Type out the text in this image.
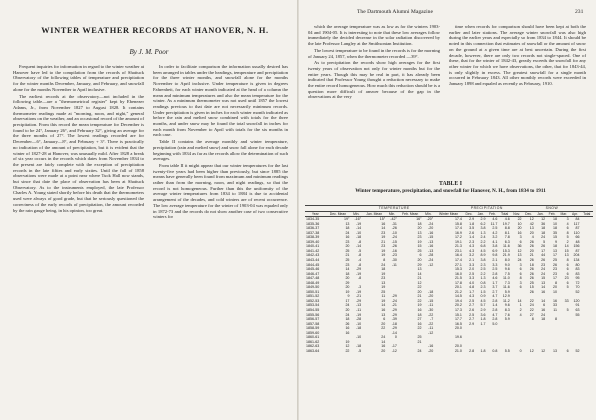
WINTER WEATHER RECORDS AT HANOVER, N. H.
By J. M. Poor

Frequent inquiries for information in regard to the winter weather at Hanover have led to the compilation from the records of Shattuck Observatory of the following tables of temperature and precipitation for the winter months December, January, and February, and snowfall alone for the months November to April inclusive.

The earliest records at the observatory—not included in the following table—are a "thermometrical register" kept by Ebenezer Adams, Jr., from November 1827 to August 1828. It contains thermometer readings made at "morning, noon, and night," general observations on the weather, and an occasional record of the amount of precipitation. From this record the mean temperature for December is found to be 24°, January 26°, and February 32°, giving an average for the three months of 27°. The lowest readings recorded are for December—6°, January—8°, and February + 3°. There is practically no indication of the amount of precipitation, but it is evident that the winter of 1827-28 at Hanover, was unusually mild. After 1828 a break of six year occurs in the records which dates from November 1834 to the present are fairly complete with the exception of precipitation records in the late fifties and early sixties. Until the fall of 1858 observations were made at a point near where Tuck Hall now stands, but since that date the place of observation has been at Shattuck Observatory. As to the instruments employed, the late Professor Charles A. Young stated shortly before his death that the thermometers used were always of good grade, but that he seriously questioned the correctness of the early records of precipitation, the amount recorded by the rain gauge being, in his opinion, too great.

In order to facilitate comparison the information usually desired has been arranged in tables under the headings, temperature and precipitation for the three winter months, and snowfall alone for the months November to April inclusive. Under temperature is given in degrees Fahrenheit, for each winter month indicated at the head of a column the mean and minimum temperatures and also the mean temperature for the winter. As a minimum thermometer was not used until 1857 the lowest readings previous to that date are not necessarily minimum records. Under precipitation is given in inches for each winter month indicated as before the rain and melted snow combined with totals for the three months, and under snow may be found the total snowfall in inches for each month from November to April with totals for the six months in each case.

Table II contains the average monthly and winter temperature, precipitation (rain and melted snow) and snow fall alone for each decade beginning with 1834 as far as the records allow the determination of such averages.

From table II it might appear that our winter temperatures for the last twenty-five years had been higher than previously, but since 1885 the means have generally been found from maximum and minimum readings rather than from the morning, noon, and night readings, so that the record is not homogeneous. Further than this the uniformity of the average winter temperatures from 1834 to 1884 is due to accidental arrangement of the decades, and cold winters are of recent occurrence. The low average temperature for the winter of 1903-04 was equaled only in 1872-73 and the records do not show another case of two consecutive winters for

The Dartmouth Alumni Magazine	231

which the average temperature was as low as for the winters 1903-04 and 1904-05. It is interesting to note that these low averages follow immediately the decided decrease in the solar radiation discovered by the late Professor Langley at the Smithsonian Institution.

The lowest temperature to be found in the records is for the morning of January 24, 1857, when the thermometer recorded —39°.

As to precipitation the records show high averages for the first twenty years of observation not only for winter months but for the entire years. Though this may be real in part, it has already been indicated that Professor Young thought a reduction necessary to make the entire record homogeneous. How much this reduction should be is a question more difficult of answer because of the gap in the observations at the very

time when records for comparison should have been kept at both the earlier and later stations. The average winter snowfall was also high during the earlier years and especially so from 1834 to 1844. It should be noted in this connection that estimates of snowfall or the amount of snow on the ground at a given time are at best uncertain. During the first decade, however, there are only two records not single-spaced. One of these, that for the winter of 1842-43, greatly exceeds the snowfall for any other winter for which we have observations, the other, that for 1843-44, is only slightly in excess. The greatest snowfall for a single month occurred in February 1843. All other monthly records were exceeded in January 1898 and equaled as recently as February, 1910.

TABLE I
Winter temperature, precipitation, and snowfall for Hanover, N. H., from 1834 to 1911
	TEMPERATURE							PRECIPITATION				SNOW						
Year	Dec. Mean	Min.	Jan. Mean	Min.	Feb. Mean	Min.	Winter Mean	Dec.	Jan.	Feb.	Total	Nov.	Dec.	Jan.	Feb.	Mar.	Apr.	Total
1834-35	19°	-16°	15°	-42°	16°	-20°	17.4	2.9	2.9	4.6	4.6	22	12	12	18	3	84	
1835-36	13	-19	16	-31	18	-24	15.8	1.8	6.2	11.7	19.7	10	42	36	10	4	117	
1836-37	18	-14	14	-26	20	-20	17.4	3.5	3.8	2.5	8.8	20	13	18	18	6	87	
1837-38	24	-10	23	-10	13	-16	16.9	2.6	1.3	4.2	8.1	16	20	18	35	8	110	
1838-39	16	-18	19	-24	23	-15	17.2	1.4	2.4	3.2	7.8	3	4	24	15	5	66	
1839-40	23	-8	21	-15	19	-13	19.1	2.3	2.2	4.1	6.3	6	26	5	9	2	48	
1840-41	20	-14	23	-26	15	-16	21.3	4.3	6.8	3.8	11.6	36	26	26	18	14	156	
1841-42	25	-5	19	-16	25	-13	23.1	4.3	4.5	6.9	15.3	12	20	17	13	15	87	
1842-43	21	-8	19	-23	6	-28	16.4	3.2	8.9	9.8	21.9	13	21	44	17	13	204	
1843-44	25	-4	8	-30	20	-24	17.4	2.1	3.8	2.1	8.0	24	26	26	25	8	134	
1844-45	23	-8	24	-11	29	-12	27.1	3.3	2.3	3.3	9.0	3	18	23	26	6	80	
1845-46	14	-29	18		13		15.3	2.0	2.5	2.5	9.6	6	26	24	23	6	83	
1846-47	18	-19	19		14		16.0	2.5	2.2	2.8	7.5	6	26	24	23	6	83	
1847-48	20	-8	23		21		21.5	3.3	1.3	4.6	11.0	8	26	15	17	23	95	
1848-49	29		13		12		17.8	4.0	0.8	1.7	7.3	3	25	13	8	6	72	
1849-50	20	-3	19		22		20.1	4.8	2.3	3.7	11.6	6	15	14	20	5	70	
1850-51	19	-19	25		20	-18	21.2	1.7	1.5	2.7	5.9		26	16	10		52	
1851-52	9	-21	11	-29	21	-20	14.5	4.3	0.9	4.7	12.9							
1852-53	17	-29	19	-24	22	-15	19.4	2.5	4.5	2.8	11.2	14	22	14	16	33	120	
1853-54	24	-13	14	-21	19	-11	20.2	2.7	5.7	1.4	9.6	1	24	6	33		91	
1854-55	20	-11	16	-29	16	-30	17.3	2.6	2.9	2.8	8.3	2	22	16	11	5	63	
1855-56	24	-19	13	-29	18	-22	15.1	2.5	3.6	4.7	7.6	4	27	24			55	
1856-57	18	-28	6	-39	27	-7	17.7	2.7	1.8	2.8	5.9		8	18	8			
1857-58	26	-10	20	-18	16	-22	16.5	2.9	1.7	5.0								
1858-59	16	-18	22	-29	22	-11	20.0											
1859-60	16			-14		-12												
1860-61		-10	24	0	25		19.6											
1861-62	19		14		21													
1862-63	12	-18	16	-17		-16	20.0											
1863-64	22	-5	20	-12	24	-20	21.0	2.8	1.8	0.8	5.5	0	12	12	13	6	52	
